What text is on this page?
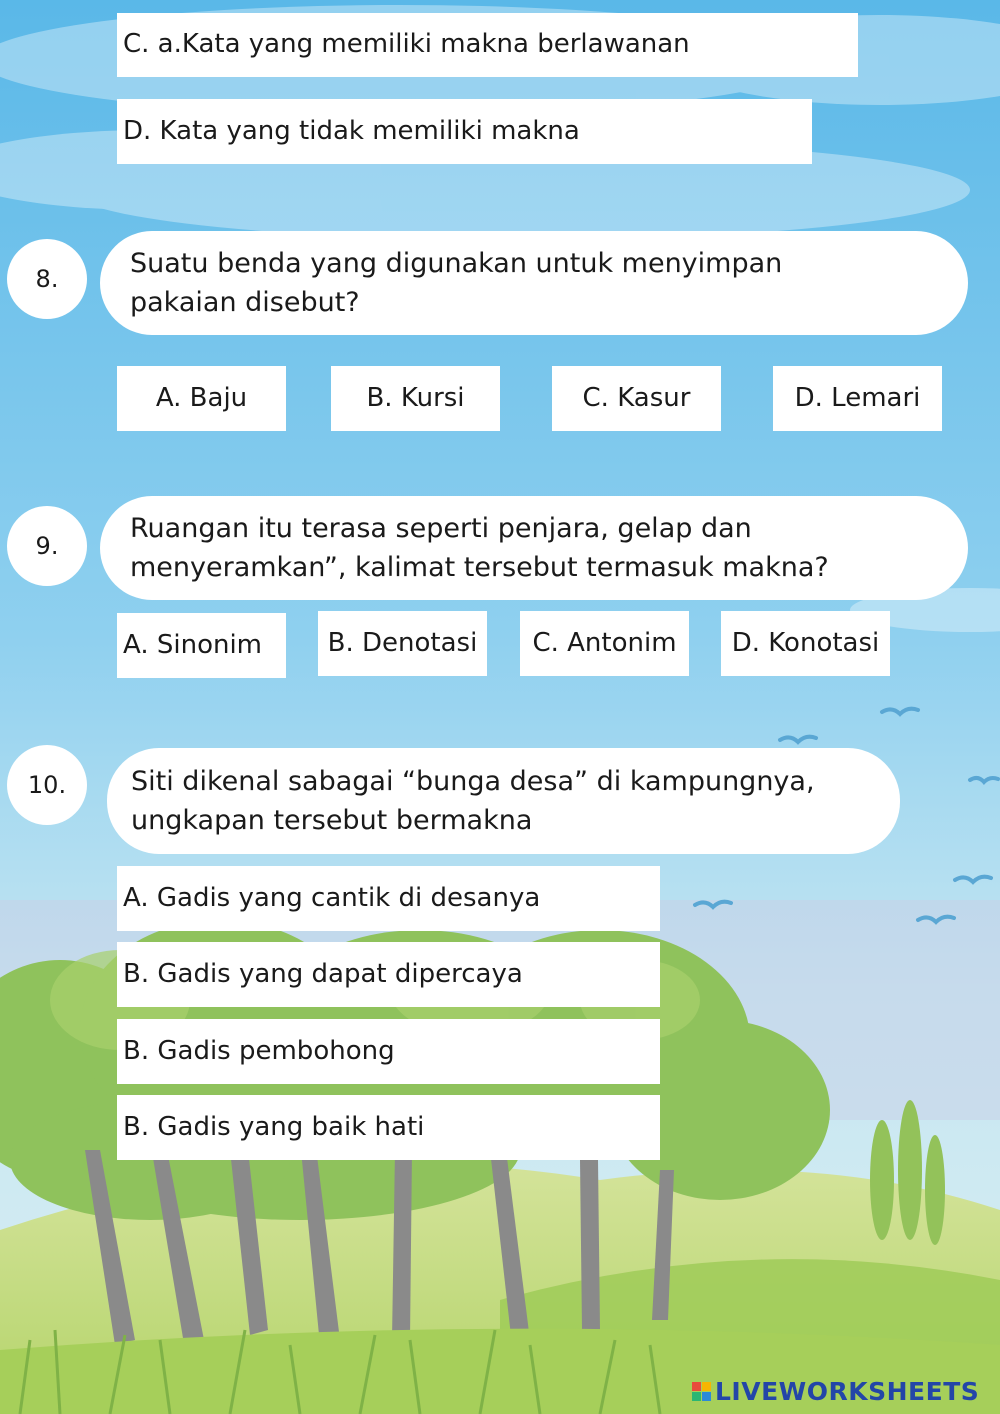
C. a.Kata yang memiliki makna berlawanan
D. Kata yang tidak memiliki makna
8.	Suatu benda yang digunakan untuk menyimpan
pakaian disebut?
A. Baju	B. Kursi	C. Kasur	D. Lemari
9.
Ruangan itu terasa seperti penjara, gelap dan
menyeramkan”, kalimat tersebut termasuk makna?
A. Sinonim	B. Denotasi	C. Antonim	D. Konotasi
10.	Siti dikenal sabagai “bunga desa” di kampungnya,
ungkapan tersebut bermakna
A. Gadis yang cantik di desanya
B. Gadis yang dapat dipercaya
B. Gadis pembohong
B. Gadis yang baik hati
LIVEWORKSHEETS
